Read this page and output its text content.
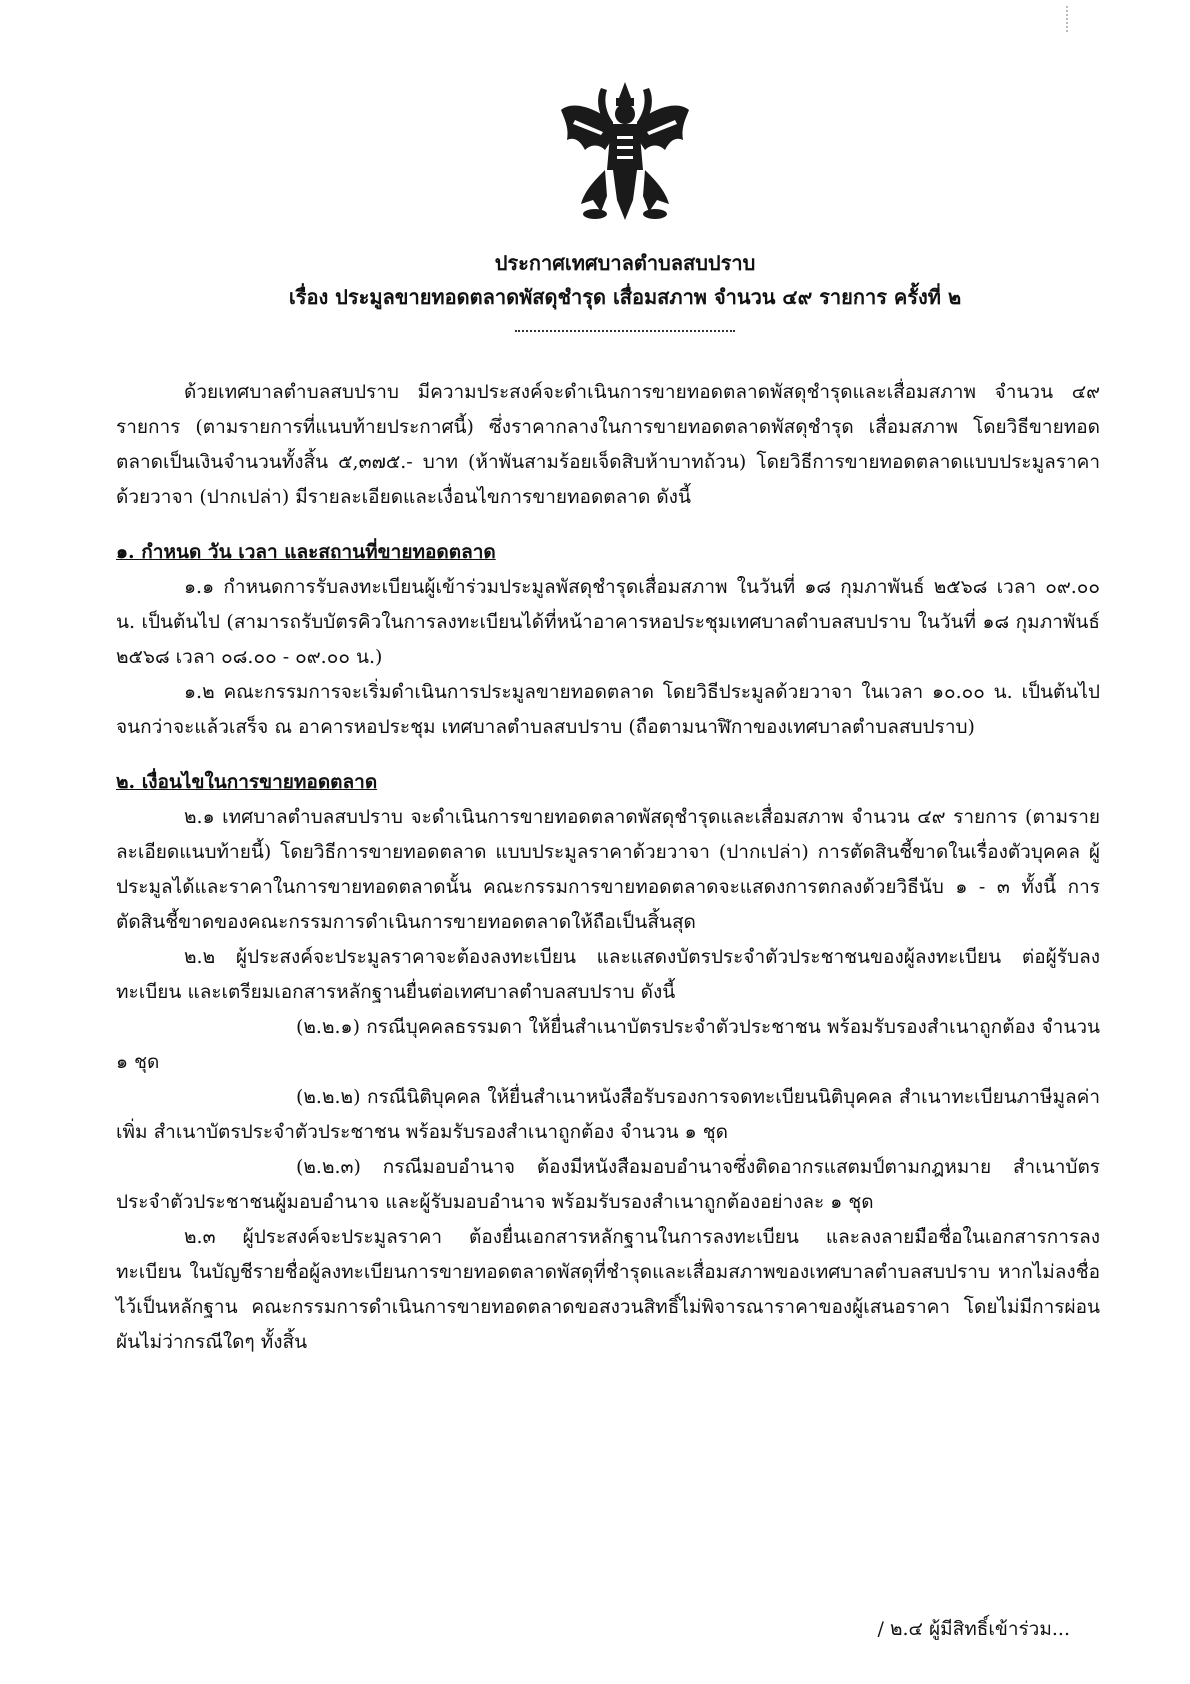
ประกาศเทศบาลตำบลสบปราบ
เรื่อง ประมูลขายทอดตลาดพัสดุชำรุด เสื่อมสภาพ จำนวน ๔๙ รายการ ครั้งที่ ๒

ด้วยเทศบาลตำบลสบปราบ มีความประสงค์จะดำเนินการขายทอดตลาดพัสดุชำรุดและเสื่อมสภาพ จำนวน ๔๙ รายการ (ตามรายการที่แนบท้ายประกาศนี้) ซึ่งราคากลางในการขายทอดตลาดพัสดุชำรุด เสื่อมสภาพ โดยวิธีขายทอดตลาดเป็นเงินจำนวนทั้งสิ้น ๕,๓๗๕.- บาท (ห้าพันสามร้อยเจ็ดสิบห้าบาทถ้วน) โดยวิธีการขายทอดตลาดแบบประมูลราคาด้วยวาจา (ปากเปล่า) มีรายละเอียดและเงื่อนไขการขายทอดตลาด ดังนี้

๑. กำหนด วัน เวลา และสถานที่ขายทอดตลาด

๑.๑ กำหนดการรับลงทะเบียนผู้เข้าร่วมประมูลพัสดุชำรุดเสื่อมสภาพ ในวันที่ ๑๘ กุมภาพันธ์ ๒๕๖๘ เวลา ๐๙.๐๐ น. เป็นต้นไป (สามารถรับบัตรคิวในการลงทะเบียนได้ที่หน้าอาคารหอประชุมเทศบาลตำบลสบปราบ ในวันที่ ๑๘ กุมภาพันธ์ ๒๕๖๘ เวลา ๐๘.๐๐ - ๐๙.๐๐ น.)

๑.๒ คณะกรรมการจะเริ่มดำเนินการประมูลขายทอดตลาด โดยวิธีประมูลด้วยวาจา ในเวลา ๑๐.๐๐ น. เป็นต้นไปจนกว่าจะแล้วเสร็จ ณ อาคารหอประชุม เทศบาลตำบลสบปราบ (ถือตามนาฬิกาของเทศบาลตำบลสบปราบ)

๒. เงื่อนไขในการขายทอดตลาด

๒.๑ เทศบาลตำบลสบปราบ จะดำเนินการขายทอดตลาดพัสดุชำรุดและเสื่อมสภาพ จำนวน ๔๙ รายการ (ตามรายละเอียดแนบท้ายนี้) โดยวิธีการขายทอดตลาด แบบประมูลราคาด้วยวาจา (ปากเปล่า) การตัดสินชี้ขาดในเรื่องตัวบุคคล ผู้ประมูลได้และราคาในการขายทอดตลาดนั้น คณะกรรมการขายทอดตลาดจะแสดงการตกลงด้วยวิธีนับ ๑ - ๓ ทั้งนี้ การตัดสินชี้ขาดของคณะกรรมการดำเนินการขายทอดตลาดให้ถือเป็นสิ้นสุด

๒.๒ ผู้ประสงค์จะประมูลราคาจะต้องลงทะเบียน และแสดงบัตรประจำตัวประชาชนของผู้ลงทะเบียน ต่อผู้รับลงทะเบียน และเตรียมเอกสารหลักฐานยื่นต่อเทศบาลตำบลสบปราบ ดังนี้

(๒.๒.๑) กรณีบุคคลธรรมดา ให้ยื่นสำเนาบัตรประจำตัวประชาชน พร้อมรับรองสำเนาถูกต้อง จำนวน ๑ ชุด

(๒.๒.๒) กรณีนิติบุคคล ให้ยื่นสำเนาหนังสือรับรองการจดทะเบียนนิติบุคคล สำเนาทะเบียนภาษีมูลค่าเพิ่ม สำเนาบัตรประจำตัวประชาชน พร้อมรับรองสำเนาถูกต้อง จำนวน ๑ ชุด

(๒.๒.๓) กรณีมอบอำนาจ ต้องมีหนังสือมอบอำนาจซึ่งติดอากรแสตมป์ตามกฎหมาย สำเนาบัตรประจำตัวประชาชนผู้มอบอำนาจ และผู้รับมอบอำนาจ พร้อมรับรองสำเนาถูกต้องอย่างละ ๑ ชุด

๒.๓ ผู้ประสงค์จะประมูลราคา ต้องยื่นเอกสารหลักฐานในการลงทะเบียน และลงลายมือชื่อในเอกสารการลงทะเบียน ในบัญชีรายชื่อผู้ลงทะเบียนการขายทอดตลาดพัสดุที่ชำรุดและเสื่อมสภาพของเทศบาลตำบลสบปราบ หากไม่ลงชื่อไว้เป็นหลักฐาน คณะกรรมการดำเนินการขายทอดตลาดขอสงวนสิทธิ์ไม่พิจารณาราคาของผู้เสนอราคา โดยไม่มีการผ่อนผันไม่ว่ากรณีใดๆ ทั้งสิ้น

/ ๒.๔ ผู้มีสิทธิ์เข้าร่วม...
